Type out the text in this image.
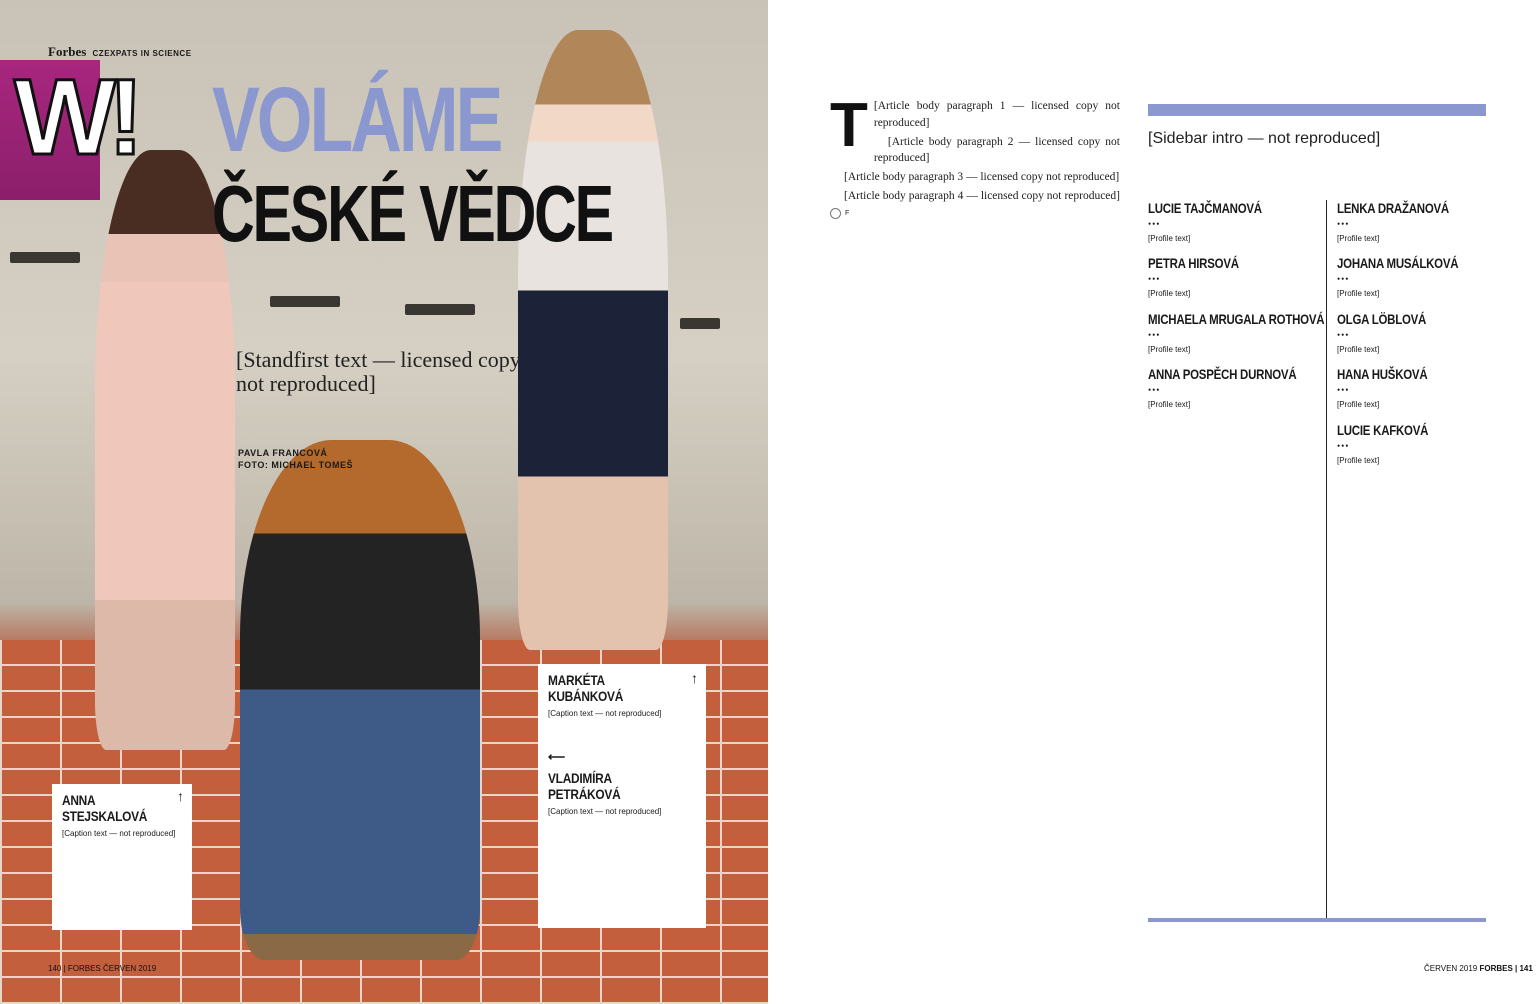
Forbes CZEXPATS IN SCIENCE
W! VOLÁME
ČESKÉ VĚDCE
[Standfirst text — licensed copy not reproduced]
PAVLA FRANCOVÁ
FOTO: MICHAEL TOMEŠ
↑
ANNA STEJSKALOVÁ
[Caption text — not reproduced]
↑
MARKÉTA KUBÁNKOVÁ
[Caption text — not reproduced]
⟵
VLADIMÍRA PETRÁKOVÁ
[Caption text — not reproduced]
140 | FORBES ČERVEN 2019

T [Article body paragraph 1 — licensed copy not reproduced]

[Article body paragraph 2 — licensed copy not reproduced]

[Article body paragraph 3 — licensed copy not reproduced]

[Article body paragraph 4 — licensed copy not reproduced] F

[Sidebar intro — not reproduced]
LUCIE TAJČMANOVÁ
•••
[Profile text]
PETRA HIRSOVÁ
•••
[Profile text]
MICHAELA MRUGALA ROTHOVÁ
•••
[Profile text]
ANNA POSPĚCH DURNOVÁ
•••
[Profile text]
LENKA DRAŽANOVÁ
•••
[Profile text]
JOHANA MUSÁLKOVÁ
•••
[Profile text]
OLGA LÖBLOVÁ
•••
[Profile text]
HANA HUŠKOVÁ
•••
[Profile text]
LUCIE KAFKOVÁ
•••
[Profile text]
ČERVEN 2019 FORBES | 141
